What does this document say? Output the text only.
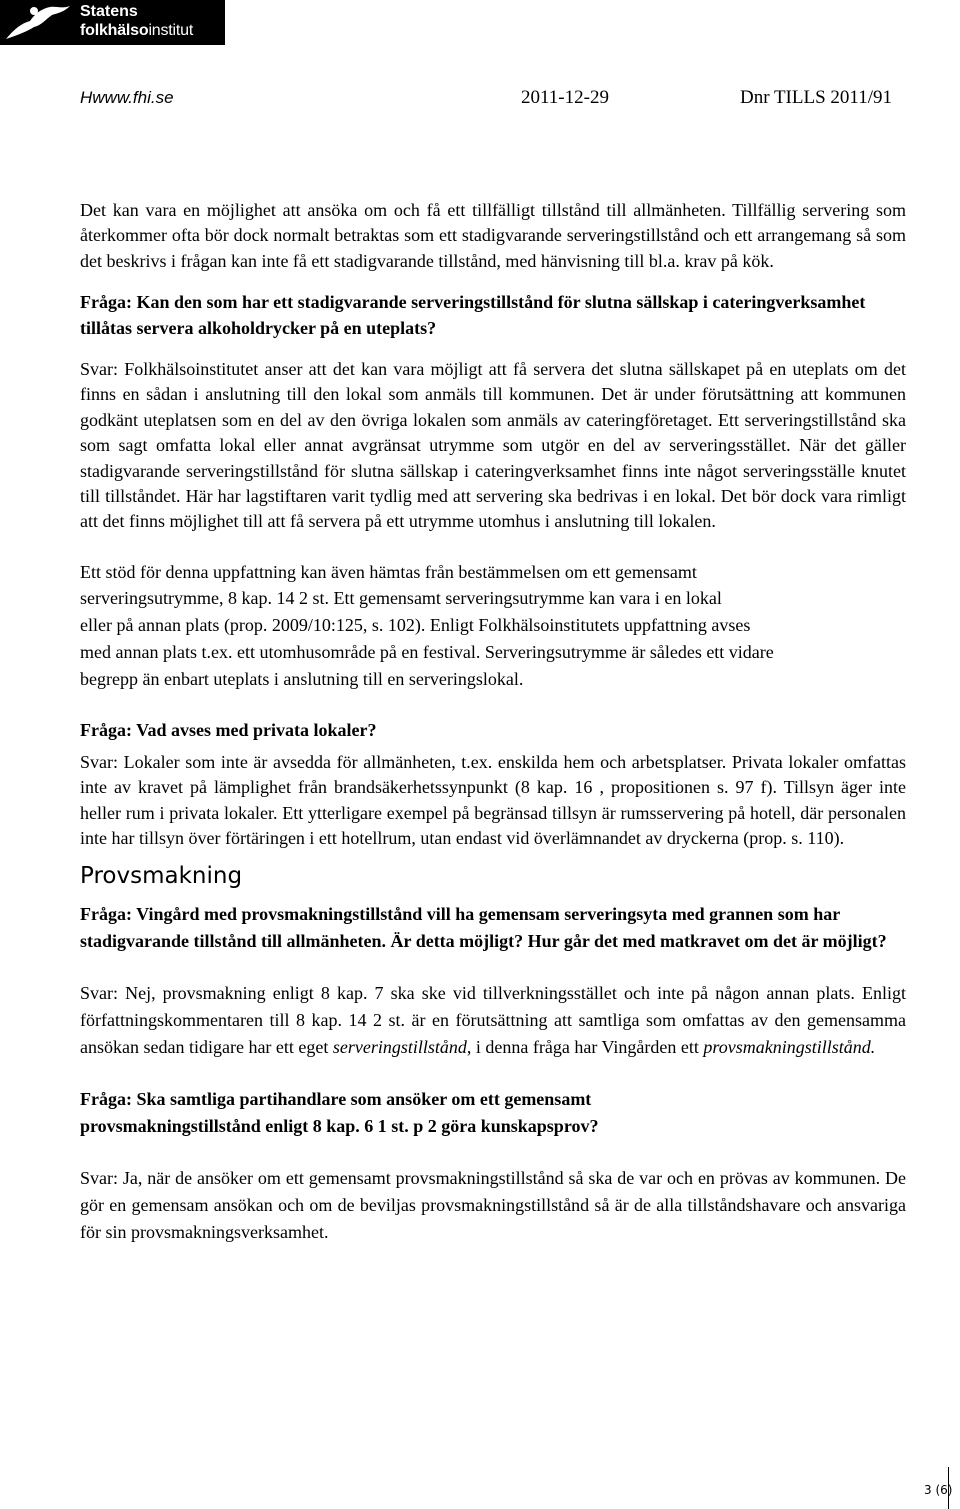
Statens
folkhälsoinstitut
Hwww.fhi.se	2011-12-29	Dnr TILLS 2011/91

Det kan vara en möjlighet att ansöka om och få ett tillfälligt tillstånd till allmänheten. Tillfällig servering som återkommer ofta bör dock normalt betraktas som ett stadigvarande serveringstillstånd och ett arrangemang så som det beskrivs i frågan kan inte få ett stadigvarande tillstånd, med hänvisning till bl.a. krav på kök.

Fråga: Kan den som har ett stadigvarande serveringstillstånd för slutna sällskap i cateringverksamhet tillåtas servera alkoholdrycker på en uteplats?

Svar: Folkhälsoinstitutet anser att det kan vara möjligt att få servera det slutna sällskapet på en uteplats om det finns en sådan i anslutning till den lokal som anmäls till kommunen. Det är under förutsättning att kommunen godkänt uteplatsen som en del av den övriga lokalen som anmäls av cateringföretaget. Ett serveringstillstånd ska som sagt omfatta lokal eller annat avgränsat utrymme som utgör en del av serveringsstället. När det gäller stadigvarande serveringstillstånd för slutna sällskap i cateringverksamhet finns inte något serveringsställe knutet till tillståndet. Här har lagstiftaren varit tydlig med att servering ska bedrivas i en lokal. Det bör dock vara rimligt att det finns möjlighet till att få servera på ett utrymme utomhus i anslutning till lokalen.

Ett stöd för denna uppfattning kan även hämtas från bestämmelsen om ett gemensamt

serveringsutrymme, 8 kap. 14 2 st. Ett gemensamt serveringsutrymme kan vara i en lokal

eller på annan plats (prop. 2009/10:125, s. 102). Enligt Folkhälsoinstitutets uppfattning avses

med annan plats t.ex. ett utomhusområde på en festival. Serveringsutrymme är således ett vidare

begrepp än enbart uteplats i anslutning till en serveringslokal.

Fråga: Vad avses med privata lokaler?

Svar: Lokaler som inte är avsedda för allmänheten, t.ex. enskilda hem och arbetsplatser. Privata lokaler omfattas inte av kravet på lämplighet från brandsäkerhetssynpunkt (8 kap. 16 , propositionen s. 97 f). Tillsyn äger inte heller rum i privata lokaler. Ett ytterligare exempel på begränsad tillsyn är rumsservering på hotell, där personalen inte har tillsyn över förtäringen i ett hotellrum, utan endast vid överlämnandet av dryckerna (prop. s. 110).

Provsmakning

Fråga: Vingård med provsmakningstillstånd vill ha gemensam serveringsyta med grannen som har stadigvarande tillstånd till allmänheten. Är detta möjligt? Hur går det med matkravet om det är möjligt?

Svar: Nej, provsmakning enligt 8 kap. 7 ska ske vid tillverkningsstället och inte på någon annan plats. Enligt författningskommentaren till 8 kap. 14 2 st. är en förutsättning att samtliga som omfattas av den gemensamma ansökan sedan tidigare har ett eget serveringstillstånd, i denna fråga har Vingården ett provsmakningstillstånd.

Fråga: Ska samtliga partihandlare som ansöker om ett gemensamt

provsmakningstillstånd enligt 8 kap. 6 1 st. p 2 göra kunskapsprov?

Svar: Ja, när de ansöker om ett gemensamt provsmakningstillstånd så ska de var och en prövas av kommunen. De gör en gemensam ansökan och om de beviljas provsmakningstillstånd så är de alla tillståndshavare och ansvariga för sin provsmakningsverksamhet.

3 (6)
